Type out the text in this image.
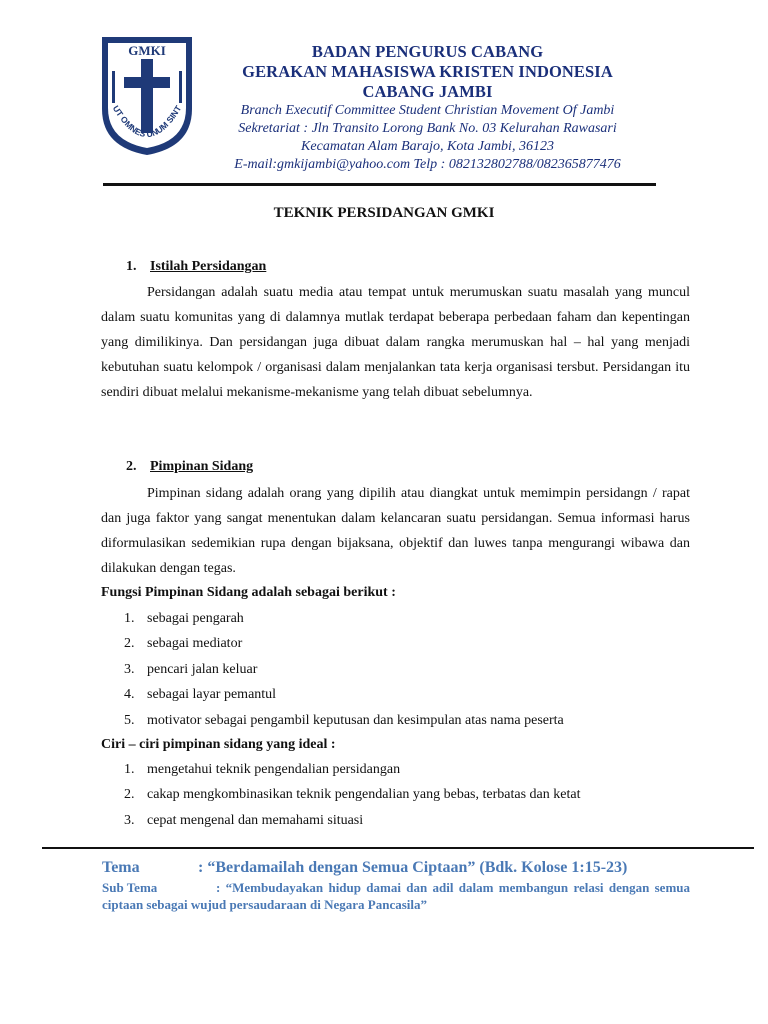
GMKI
UT OMNES UNUM SINT
BADAN PENGURUS CABANG
GERAKAN MAHASISWA KRISTEN INDONESIA
CABANG JAMBI
Branch Executif Committee Student Christian Movement Of Jambi
Sekretariat : Jln Transito Lorong Bank No. 03 Kelurahan Rawasari
Kecamatan Alam Barajo, Kota Jambi, 36123
E-mail:gmkijambi@yahoo.com Telp : 082132802788/082365877476
TEKNIK PERSIDANGAN GMKI
1. Istilah Persidangan
Persidangan adalah suatu media atau tempat untuk merumuskan suatu masalah yang muncul dalam suatu komunitas yang di dalamnya mutlak terdapat beberapa perbedaan faham dan kepentingan yang dimilikinya. Dan persidangan juga dibuat dalam rangka merumuskan hal – hal yang menjadi kebutuhan suatu kelompok / organisasi dalam menjalankan tata kerja organisasi tersbut. Persidangan itu sendiri dibuat melalui mekanisme-mekanisme yang telah dibuat sebelumnya.
2. Pimpinan Sidang
Pimpinan sidang adalah orang yang dipilih atau diangkat untuk memimpin persidangn / rapat dan juga faktor yang sangat menentukan dalam kelancaran suatu persidangan. Semua informasi harus diformulasikan sedemikian rupa dengan bijaksana, objektif dan luwes tanpa mengurangi wibawa dan dilakukan dengan tegas.
Fungsi Pimpinan Sidang adalah sebagai berikut :
1. sebagai pengarah
2. sebagai mediator
3. pencari jalan keluar
4. sebagai layar pemantul
5. motivator sebagai pengambil keputusan dan kesimpulan atas nama peserta
Ciri – ciri pimpinan sidang yang ideal :
1. mengetahui teknik pengendalian persidangan
2. cakap mengkombinasikan teknik pengendalian yang bebas, terbatas dan ketat
3. cepat mengenal dan memahami situasi
Tema	: “Berdamailah dengan Semua Ciptaan” (Bdk. Kolose 1:15-23)
Sub Tema	: “Membudayakan hidup damai dan adil dalam membangun relasi dengan semua ciptaan sebagai wujud persaudaraan di Negara Pancasila”
